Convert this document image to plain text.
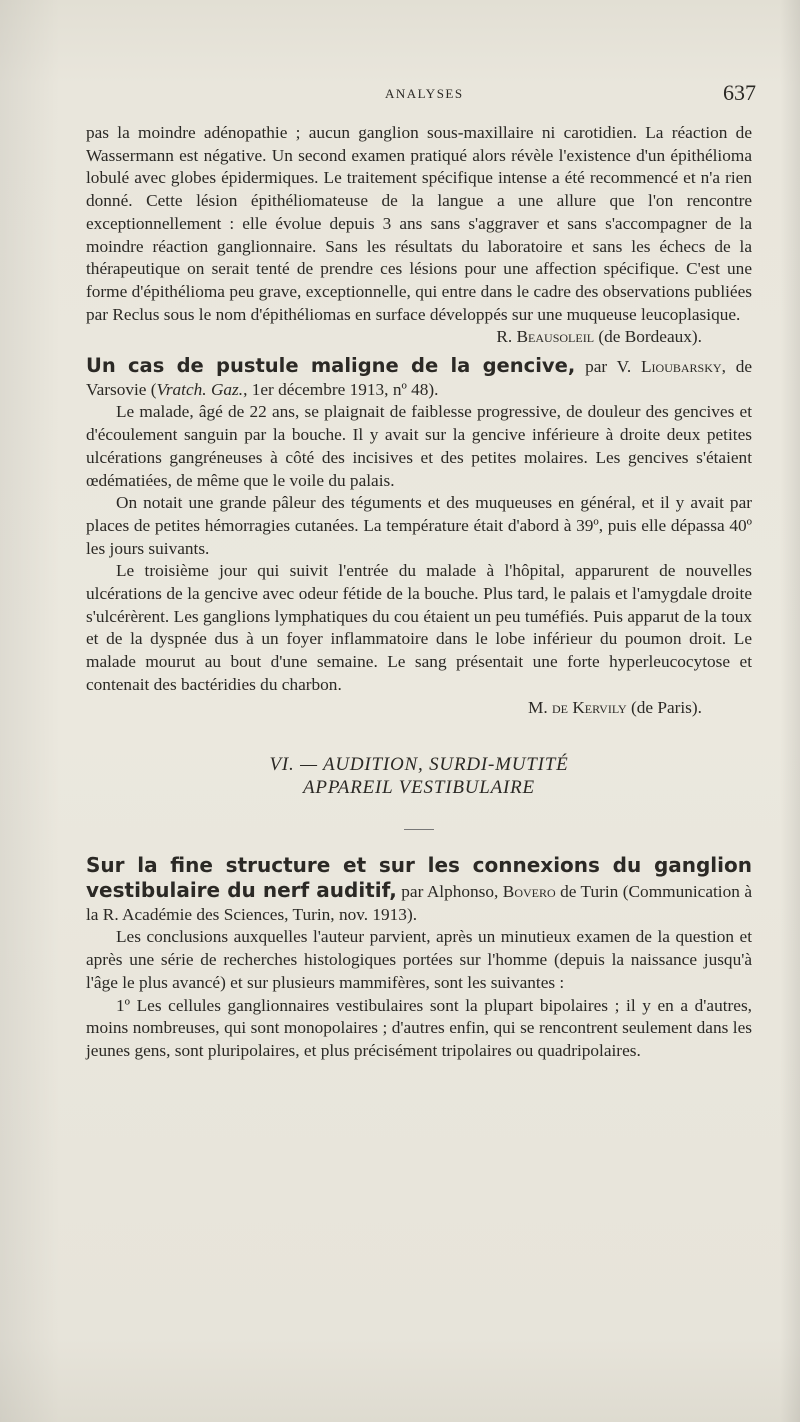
ANALYSES	637

pas la moindre adénopathie ; aucun ganglion sous-maxillaire ni carotidien. La réaction de Wassermann est négative. Un second examen pratiqué alors révèle l'existence d'un épithélioma lobulé avec globes épidermiques. Le traitement spécifique intense a été recommencé et n'a rien donné. Cette lésion épithéliomateuse de la langue a une allure que l'on rencontre exceptionnellement : elle évolue depuis 3 ans sans s'aggraver et sans s'accompagner de la moindre réaction ganglionnaire. Sans les résultats du laboratoire et sans les échecs de la thérapeutique on serait tenté de prendre ces lésions pour une affection spécifique. C'est une forme d'épithélioma peu grave, exceptionnelle, qui entre dans le cadre des observations publiées par Reclus sous le nom d'épithéliomas en surface développés sur une muqueuse leucoplasique.

R. Beausoleil (de Bordeaux).

Un cas de pustule maligne de la gencive, par V. Lioubarsky, de Varsovie (Vratch. Gaz., 1er décembre 1913, nº 48).

Le malade, âgé de 22 ans, se plaignait de faiblesse progressive, de douleur des gencives et d'écoulement sanguin par la bouche. Il y avait sur la gencive inférieure à droite deux petites ulcérations gangréneuses à côté des incisives et des petites molaires. Les gencives s'étaient œdématiées, de même que le voile du palais.

On notait une grande pâleur des téguments et des muqueuses en général, et il y avait par places de petites hémorragies cutanées. La température était d'abord à 39º, puis elle dépassa 40º les jours suivants.

Le troisième jour qui suivit l'entrée du malade à l'hôpital, apparurent de nouvelles ulcérations de la gencive avec odeur fétide de la bouche. Plus tard, le palais et l'amygdale droite s'ulcérèrent. Les ganglions lymphatiques du cou étaient un peu tuméfiés. Puis apparut de la toux et de la dyspnée dus à un foyer inflammatoire dans le lobe inférieur du poumon droit. Le malade mourut au bout d'une semaine. Le sang présentait une forte hyperleucocytose et contenait des bactéridies du charbon.

M. de Kervily (de Paris).

VI. — AUDITION, SURDI-MUTITÉ
APPAREIL VESTIBULAIRE

Sur la fine structure et sur les connexions du ganglion vestibulaire du nerf auditif, par Alphonso, Bovero de Turin (Communication à la R. Académie des Sciences, Turin, nov. 1913).

Les conclusions auxquelles l'auteur parvient, après un minutieux examen de la question et après une série de recherches histologiques portées sur l'homme (depuis la naissance jusqu'à l'âge le plus avancé) et sur plusieurs mammifères, sont les suivantes :

1º Les cellules ganglionnaires vestibulaires sont la plupart bipolaires ; il y en a d'autres, moins nombreuses, qui sont monopolaires ; d'autres enfin, qui se rencontrent seulement dans les jeunes gens, sont pluripolaires, et plus précisément tripolaires ou quadripolaires.
